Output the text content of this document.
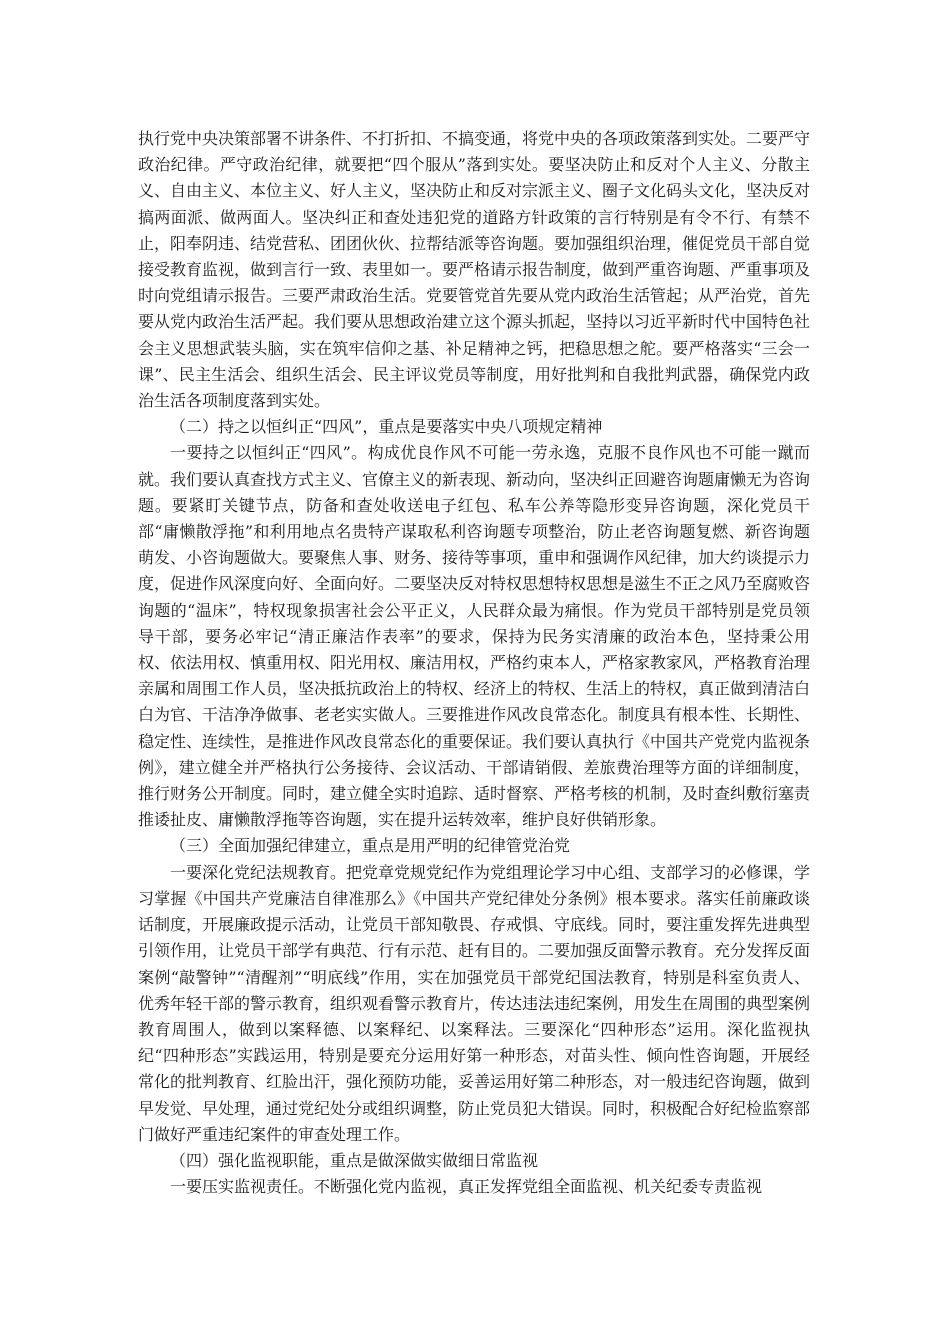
执行党中央决策部署不讲条件、不打折扣、不搞变通，将党中央的各项政策落到实处。二要严守政治纪律。严守政治纪律，就要把“四个服从”落到实处。要坚决防止和反对个人主义、分散主义、自由主义、本位主义、好人主义，坚决防止和反对宗派主义、圈子文化码头文化，坚决反对搞两面派、做两面人。坚决纠正和查处违犯党的道路方针政策的言行特别是有令不行、有禁不止，阳奉阴违、结党营私、团团伙伙、拉帮结派等咨询题。要加强组织治理，催促党员干部自觉接受教育监视，做到言行一致、表里如一。要严格请示报告制度，做到严重咨询题、严重事项及时向党组请示报告。三要严肃政治生活。党要管党首先要从党内政治生活管起；从严治党，首先要从党内政治生活严起。我们要从思想政治建立这个源头抓起，坚持以习近平新时代中国特色社会主义思想武装头脑，实在筑牢信仰之基、补足精神之钙，把稳思想之舵。要严格落实“三会一课”、民主生活会、组织生活会、民主评议党员等制度，用好批判和自我批判武器，确保党内政治生活各项制度落到实处。

（二）持之以恒纠正“四风”，重点是要落实中央八项规定精神

一要持之以恒纠正“四风”。构成优良作风不可能一劳永逸，克服不良作风也不可能一蹴而就。我们要认真查找方式主义、官僚主义的新表现、新动向，坚决纠正回避咨询题庸懒无为咨询题。要紧盯关键节点，防备和查处收送电子红包、私车公养等隐形变异咨询题，深化党员干部“庸懒散浮拖”和利用地点名贵特产谋取私利咨询题专项整治，防止老咨询题复燃、新咨询题萌发、小咨询题做大。要聚焦人事、财务、接待等事项，重申和强调作风纪律，加大约谈提示力度，促进作风深度向好、全面向好。二要坚决反对特权思想特权思想是滋生不正之风乃至腐败咨询题的“温床”，特权现象损害社会公平正义，人民群众最为痛恨。作为党员干部特别是党员领导干部，要务必牢记“清正廉洁作表率”的要求，保持为民务实清廉的政治本色，坚持秉公用权、依法用权、慎重用权、阳光用权、廉洁用权，严格约束本人，严格家教家风，严格教育治理亲属和周围工作人员，坚决抵抗政治上的特权、经济上的特权、生活上的特权，真正做到清洁白白为官、干洁净净做事、老老实实做人。三要推进作风改良常态化。制度具有根本性、长期性、稳定性、连续性，是推进作风改良常态化的重要保证。我们要认真执行《中国共产党党内监视条例》，建立健全并严格执行公务接待、会议活动、干部请销假、差旅费治理等方面的详细制度，推行财务公开制度。同时，建立健全实时追踪、适时督察、严格考核的机制，及时查纠敷衍塞责推诿扯皮、庸懒散浮拖等咨询题，实在提升运转效率，维护良好供销形象。

（三）全面加强纪律建立，重点是用严明的纪律管党治党

一要深化党纪法规教育。把党章党规党纪作为党组理论学习中心组、支部学习的必修课，学习掌握《中国共产党廉洁自律准那么》《中国共产党纪律处分条例》根本要求。落实任前廉政谈话制度，开展廉政提示活动，让党员干部知敬畏、存戒惧、守底线。同时，要注重发挥先进典型引领作用，让党员干部学有典范、行有示范、赶有目的。二要加强反面警示教育。充分发挥反面案例“敲警钟”“清醒剂”“明底线”作用，实在加强党员干部党纪国法教育，特别是科室负责人、优秀年轻干部的警示教育，组织观看警示教育片，传达违法违纪案例，用发生在周围的典型案例教育周围人，做到以案释德、以案释纪、以案释法。三要深化“四种形态”运用。深化监视执纪“四种形态”实践运用，特别是要充分运用好第一种形态，对苗头性、倾向性咨询题，开展经常化的批判教育、红脸出汗，强化预防功能，妥善运用好第二种形态，对一般违纪咨询题，做到早发觉、早处理，通过党纪处分或组织调整，防止党员犯大错误。同时，积极配合好纪检监察部门做好严重违纪案件的审查处理工作。

（四）强化监视职能，重点是做深做实做细日常监视

一要压实监视责任。不断强化党内监视，真正发挥党组全面监视、机关纪委专责监视
